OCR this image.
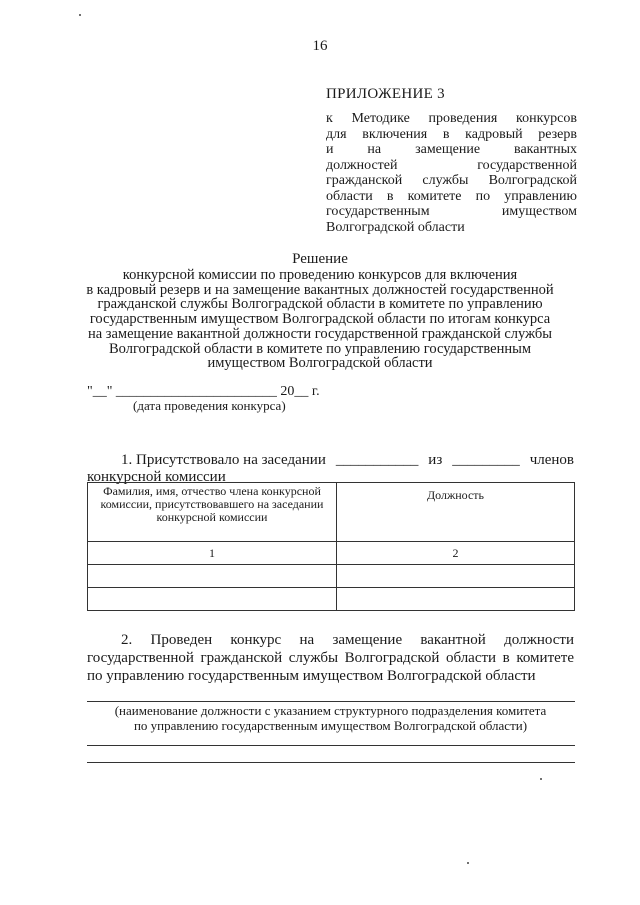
16
ПРИЛОЖЕНИЕ 3
к Методике проведения конкурсов
для включения в кадровый резерв
и на замещение вакантных
должностей государственной
гражданской службы Волгоградской
области в комитете по управлению
государственным имуществом
Волгоградской области
Решение
конкурсной комиссии по проведению конкурсов для включения
в кадровый резерв и на замещение вакантных должностей государственной
гражданской службы Волгоградской области в комитете по управлению
государственным имуществом Волгоградской области по итогам конкурса
на замещение вакантной должности государственной гражданской службы
Волгоградской области в комитете по управлению государственным
имуществом Волгоградской области
"__" _______________________ 20__ г.
(дата проведения конкурса)
1. Присутствовало на заседании ___________ из _________ членов
конкурсной комиссии
Фамилия, имя, отчество члена конкурсной комиссии, присутствовавшего на заседании конкурсной комиссии	Должность
1	2

2. Проведен конкурс на замещение вакантной должности
государственной гражданской службы Волгоградской области в комитете
по управлению государственным имуществом Волгоградской области
(наименование должности с указанием структурного подразделения комитета
по управлению государственным имуществом Волгоградской области)
